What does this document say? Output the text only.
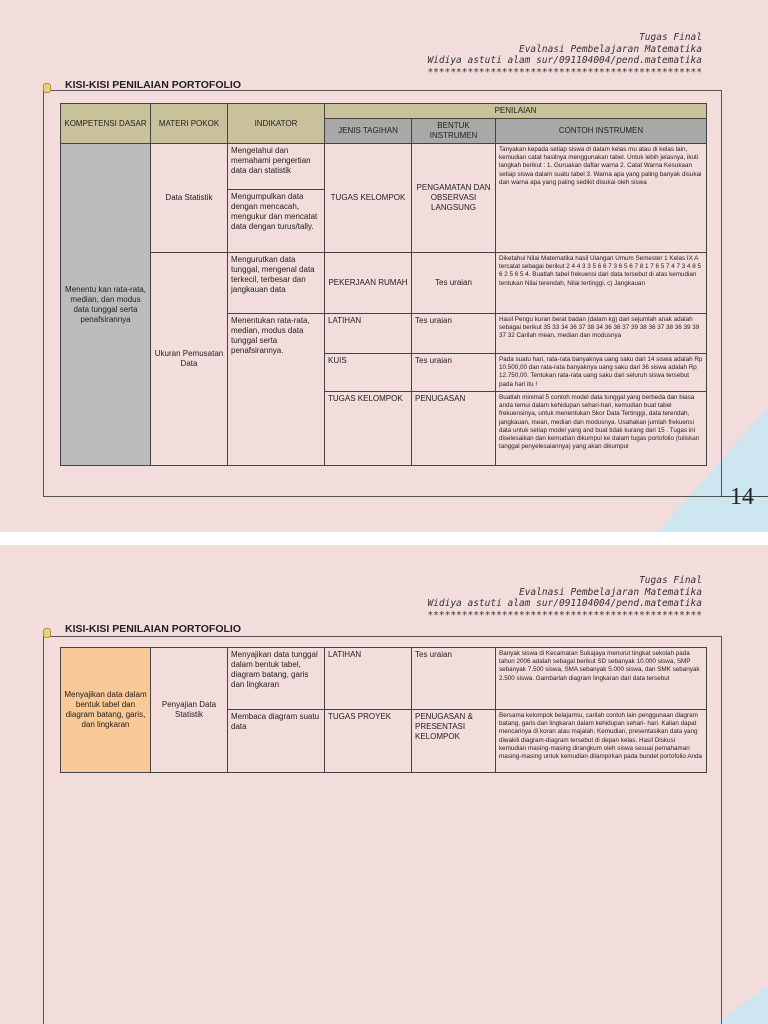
Tugas Final
Evalnasi Pembelajaran Matematika
Widiya astuti alam sur/091104004/pend.matematika
************************************************
KISI-KISI PENILAIAN PORTOFOLIO
KOMPETENSI DASAR	MATERI POKOK	INDIKATOR	PENILAIAN		
			JENIS TAGIHAN	BENTUK INSTRUMEN	CONTOH INSTRUMEN
Menentu kan rata-rata, median, dan modus data tunggal serta penafsirannya	Data Statistik	Mengetahui dan memahami pengertian data dan statistik	TUGAS KELOMPOK	PENGAMATAN DAN OBSERVASI LANGSUNG	Tanyakan kepada setiap siswa di dalam kelas mu atau di kelas lain, kemudian catat hasilnya menggunakan tabel. Untuk lebih jelasnya, ikuti langkah berikut : 1. Guruakan daftar warna 2. Catat Warna Kesukaan setiap siswa dalam suatu tabel 3. Warna apa yang paling banyak disukai dan warna apa yang paling sedikit disukai oleh siswa
		Mengumpulkan data dengan mencacah, mengukur dan mencatat data dengan turus/tally.			
	Ukuran Pemusatan Data	Mengurutkan data tunggal, mengenal data terkecil, terbesar dan jangkauan data	PEKERJAAN RUMAH	Tes uraian	Diketahui Nilai Matematika hasil Ulangan Umum Semester 1 Kelas IX A tercatat sebagai berikut 2 4 4 3 3 5 6 6 7 3 6 5 6 7 8 1 7 6 5 7 4 7 3 4 8 5 6 2 5 6 5 4. Buatlah tabel frekuensi dari data tersebut di atas kemudian tentukan Nilai terendah, Nilai tertinggi, c) Jangkauan
		Menentukan rata-rata, median, modus data tunggal serta penafsirannya.	LATIHAN	Tes uraian	Hasil Pengu kuran berat badan (dalam kg) dari sejumlah anak adalah sebagai berikut 35 33 34 36 37 38 34 36 36 37 39 38 36 37 38 36 39 39 37 32 Carilah mean, median dan modusnya
			KUIS	Tes uraian	Pada suatu hari, rata-rata banyaknya uang saku dari 14 siswa adalah Rp 10.500,00 dan rata-rata banyaknya uang saku dari 36 siswa adalah Rp 12.750,00. Tentukan rata-rata uang saku dari seluruh siswa tersebut pada hari itu !
			TUGAS KELOMPOK	PENUGASAN	Buatlah minimal 5 contoh model data tunggal yang berbeda dan biasa anda temui dalam kehidupan sehari-hari, kemudian buat tabel frekuensinya, untuk menentukan Skor Data Tertinggi, data terendah, jangkauan, mean, median dan modusnya. Usahakan jumlah frekuensi data untuk setiap model yang and buat tidak kurang dari 15 . Tugas ini diselesaikan dan kemudian dikumpul ke dalam tugas portofolio (tuliskan tanggal penyelesaiannya) yang akan dikumpul
14
Tugas Final
Evalnasi Pembelajaran Matematika
Widiya astuti alam sur/091104004/pend.matematika
************************************************
KISI-KISI PENILAIAN PORTOFOLIO
Menyajikan data dalam bentuk tabel dan diagram batang, garis, dan lingkaran	Penyajian Data Statistik	Menyajikan data tunggal dalam bentuk tabel, diagram batang, garis dan lingkaran	LATIHAN	Tes uraian	Banyak siswa di Kecamatan Sukajaya menurut tingkat sekolah pada tahun 2006 adalah sebagai berikut SD sebanyak 10.000 siswa, SMP sebanyak 7.500 siswa, SMA sebanyak 5.000 siswa, dan SMK sebanyak 2.500 siswa. Gambarlah diagram lingkaran dari data tersebut
		Membaca diagram suatu data	TUGAS PROYEK	PENUGASAN & PRESENTASI KELOMPOK	Bersama kelompok belajarmu, carilah contoh lain penggunaan diagram batang, garis dan lingkaran dalam kehidupan sehari- hari. Kalian dapat mencarinya di koran atau majalah. Kemudian, presentasikan data yang diwakili diagram-diagram tersebut di depan kelas. Hasil Diskusi kemudian masing-masing dirangkum oleh siswa sesuai pemahaman masing-masing untuk kemudian dilampirkan pada bundel portofolio Anda
